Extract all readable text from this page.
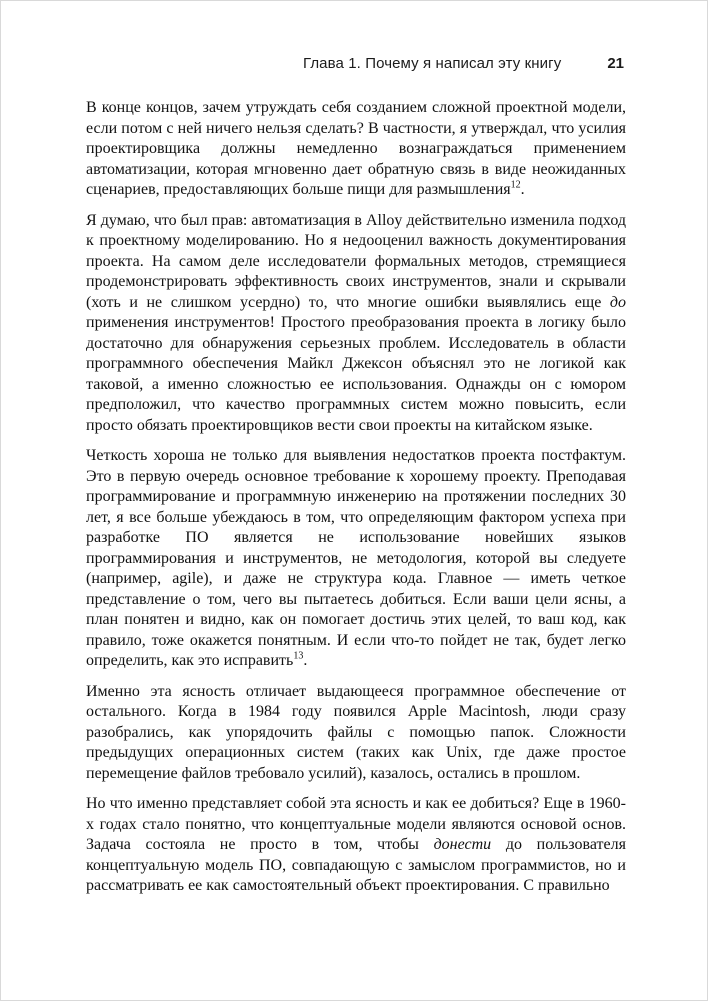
Глава 1. Почему я написал эту книгу	21

В конце концов, зачем утруждать себя созданием сложной проектной модели, если потом с ней ничего нельзя сделать? В частности, я утверждал, что усилия проектировщика должны немедленно вознаграждаться применением автоматизации, которая мгновенно дает обратную связь в виде неожиданных сценариев, предоставляющих больше пищи для размышления$^{12}$.

Я думаю, что был прав: автоматизация в Alloy действительно изменила подход к проектному моделированию. Но я недооценил важность документирования проекта. На самом деле исследователи формальных методов, стремящиеся продемонстрировать эффективность своих инструментов, знали и скрывали (хоть и не слишком усердно) то, что многие ошибки выявлялись еще до применения инструментов! Простого преобразования проекта в логику было достаточно для обнаружения серьезных проблем. Исследователь в области программного обеспечения Майкл Джексон объяснял это не логикой как таковой, а именно сложностью ее использования. Однажды он с юмором предположил, что качество программных систем можно повысить, если просто обязать проектировщиков вести свои проекты на китайском языке.

Четкость хороша не только для выявления недостатков проекта постфактум. Это в первую очередь основное требование к хорошему проекту. Преподавая программирование и программную инженерию на протяжении последних 30 лет, я все больше убеждаюсь в том, что определяющим фактором успеха при разработке ПО является не использование новейших языков программирования и инструментов, не методология, которой вы следуете (например, agile), и даже не структура кода. Главное — иметь четкое представление о том, чего вы пытаетесь добиться. Если ваши цели ясны, а план понятен и видно, как он помогает достичь этих целей, то ваш код, как правило, тоже окажется понятным. И если что-то пойдет не так, будет легко определить, как это исправить$^{13}$.

Именно эта ясность отличает выдающееся программное обеспечение от остального. Когда в 1984 году появился Apple Macintosh, люди сразу разобрались, как упорядочить файлы с помощью папок. Сложности предыдущих операционных систем (таких как Unix, где даже простое перемещение файлов требовало усилий), казалось, остались в прошлом.

Но что именно представляет собой эта ясность и как ее добиться? Еще в 1960-х годах стало понятно, что концептуальные модели являются основой основ. Задача состояла не просто в том, чтобы донести до пользователя концептуальную модель ПО, совпадающую с замыслом программистов, но и рассматривать ее как самостоятельный объект проектирования. С правильно
